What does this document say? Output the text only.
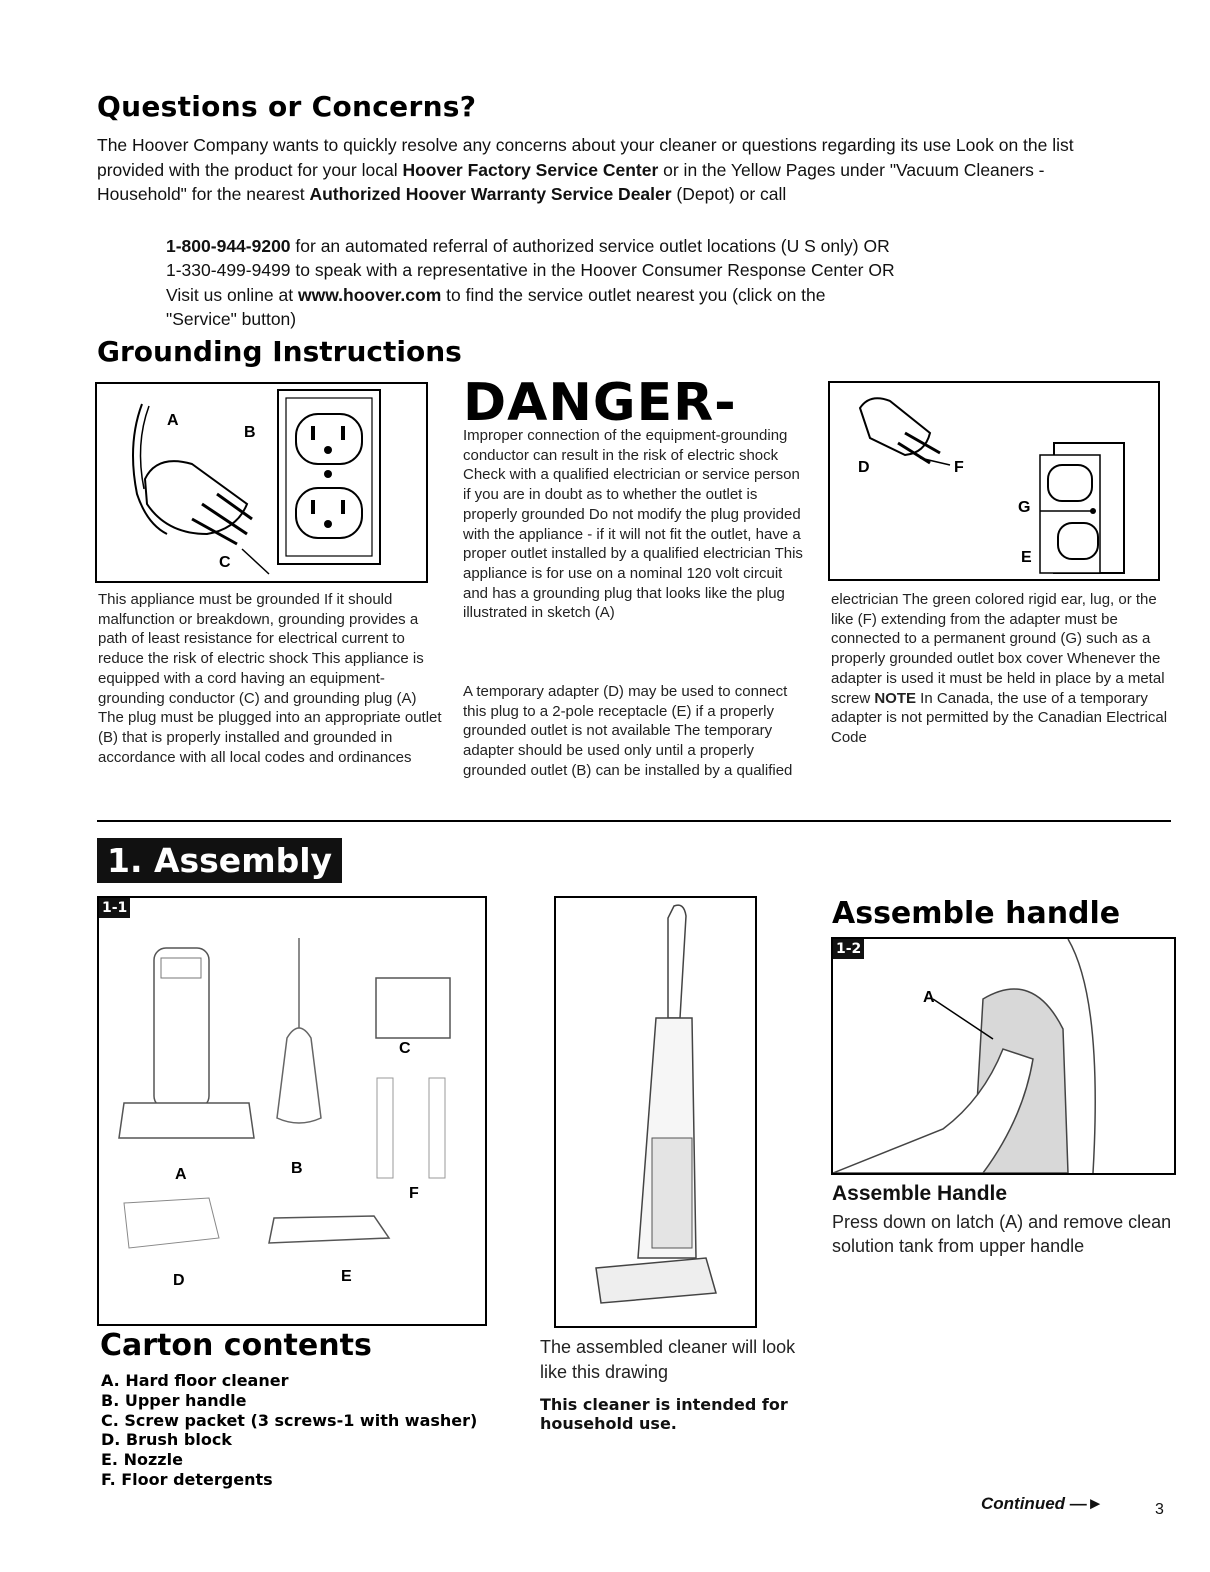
Questions or Concerns?
The Hoover Company wants to quickly resolve any concerns about your cleaner or questions regarding its use Look on the list provided with the product for your local Hoover Factory Service Center or in the Yellow Pages under "Vacuum Cleaners - Household" for the nearest Authorized Hoover Warranty Service Dealer (Depot) or call
1-800-944-9200 for an automated referral of authorized service outlet locations (U S only) OR
1-330-499-9499 to speak with a representative in the Hoover Consumer Response Center OR
Visit us online at www.hoover.com to find the service outlet nearest you (click on the
"Service" button)
Grounding Instructions
A
B
C
This appliance must be grounded If it should malfunction or breakdown, grounding provides a path of least resistance for electrical current to reduce the risk of electric shock This appliance is equipped with a cord having an equipment-grounding conductor (C) and grounding plug (A) The plug must be plugged into an appropriate outlet (B) that is properly installed and grounded in accordance with all local codes and ordinances
DANGER-
Improper connection of the equipment-grounding conductor can result in the risk of electric shock Check with a qualified electrician or service person if you are in doubt as to whether the outlet is properly grounded Do not modify the plug provided with the appliance - if it will not fit the outlet, have a proper outlet installed by a qualified electrician This appliance is for use on a nominal 120 volt circuit and has a grounding plug that looks like the plug illustrated in sketch (A)
A temporary adapter (D) may be used to connect this plug to a 2-pole receptacle (E) if a properly grounded outlet is not available The temporary adapter should be used only until a properly grounded outlet (B) can be installed by a qualified
D	F
G
E
electrician The green colored rigid ear, lug, or the like (F) extending from the adapter must be connected to a permanent ground (G) such as a properly grounded outlet box cover Whenever the adapter is used it must be held in place by a metal screw NOTE In Canada, the use of a temporary adapter is not permitted by the Canadian Electrical Code
1. Assembly
1-1
A	B
C
D	E
F
Carton contents
A. Hard floor cleaner
B. Upper handle
C. Screw packet (3 screws-1 with washer)
D. Brush block
E. Nozzle
F. Floor detergents
The assembled cleaner will look like this drawing
This cleaner is intended for household use.
Assemble handle
1-2
A
Assemble Handle
Press down on latch (A) and remove clean solution tank from upper handle
Continued —►	3
